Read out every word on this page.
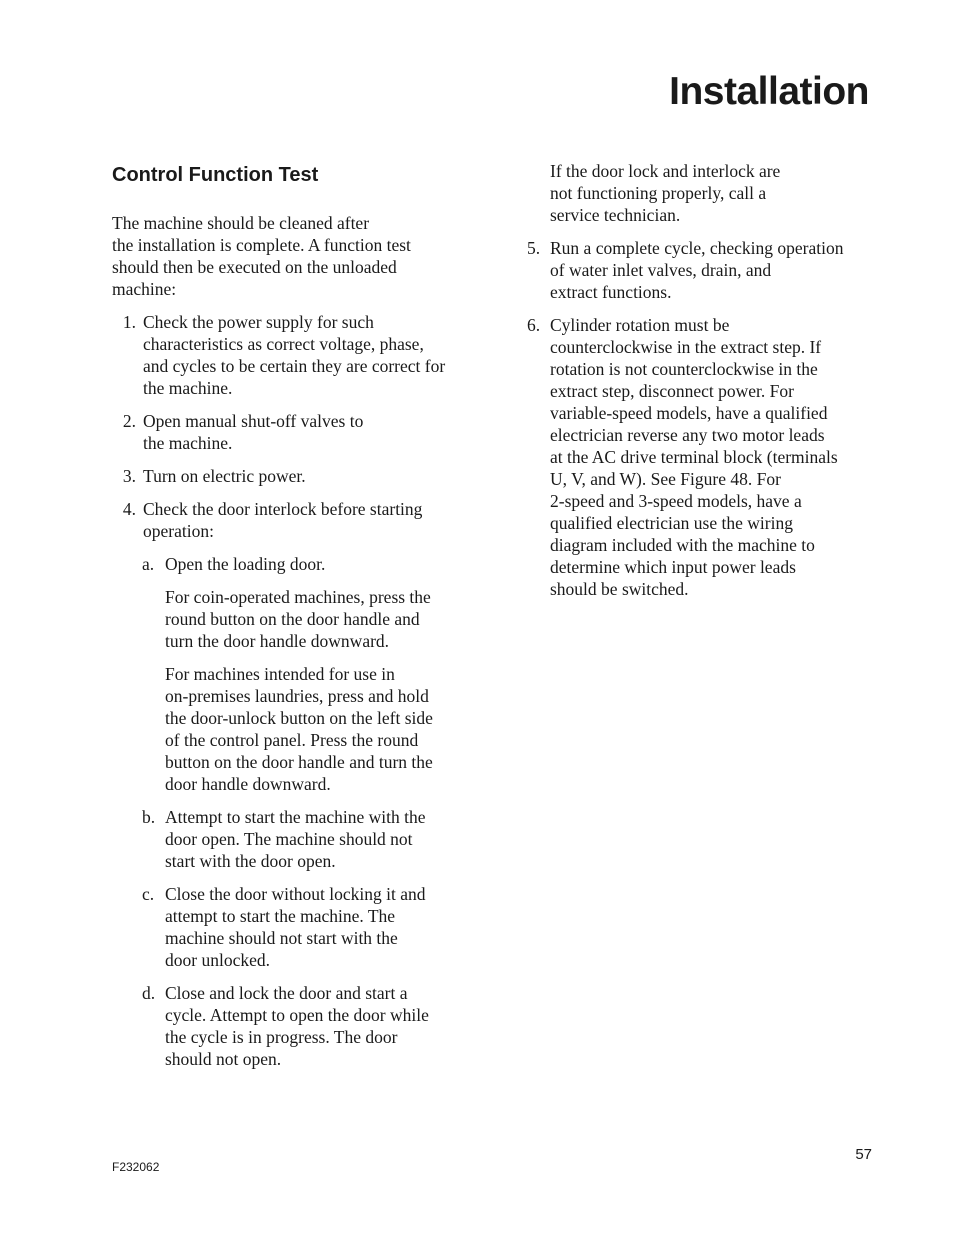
Installation
Control Function Test

The machine should be cleaned after
the installation is complete. A function test
should then be executed on the unloaded
machine:

1. Check the power supply for such
characteristics as correct voltage, phase,
and cycles to be certain they are correct for
the machine.
2. Open manual shut-off valves to
the machine.
3. Turn on electric power.
4. Check the door interlock before starting
operation:
a. Open the loading door.

For coin-operated machines, press the
round button on the door handle and
turn the door handle downward.

For machines intended for use in
on-premises laundries, press and hold
the door-unlock button on the left side
of the control panel. Press the round
button on the door handle and turn the
door handle downward.

b. Attempt to start the machine with the
door open. The machine should not
start with the door open.

c. Close the door without locking it and
attempt to start the machine. The
machine should not start with the
door unlocked.

d. Close and lock the door and start a
cycle. Attempt to open the door while
the cycle is in progress. The door
should not open.

If the door lock and interlock are
not functioning properly, call a
service technician.

5. Run a complete cycle, checking operation
of water inlet valves, drain, and
extract functions.
6. Cylinder rotation must be
counterclockwise in the extract step. If
rotation is not counterclockwise in the
extract step, disconnect power. For
variable-speed models, have a qualified
electrician reverse any two motor leads
at the AC drive terminal block (terminals
U, V, and W). See Figure 48. For
2-speed and 3-speed models, have a
qualified electrician use the wiring
diagram included with the machine to
determine which input power leads
should be switched.
57
F232062
